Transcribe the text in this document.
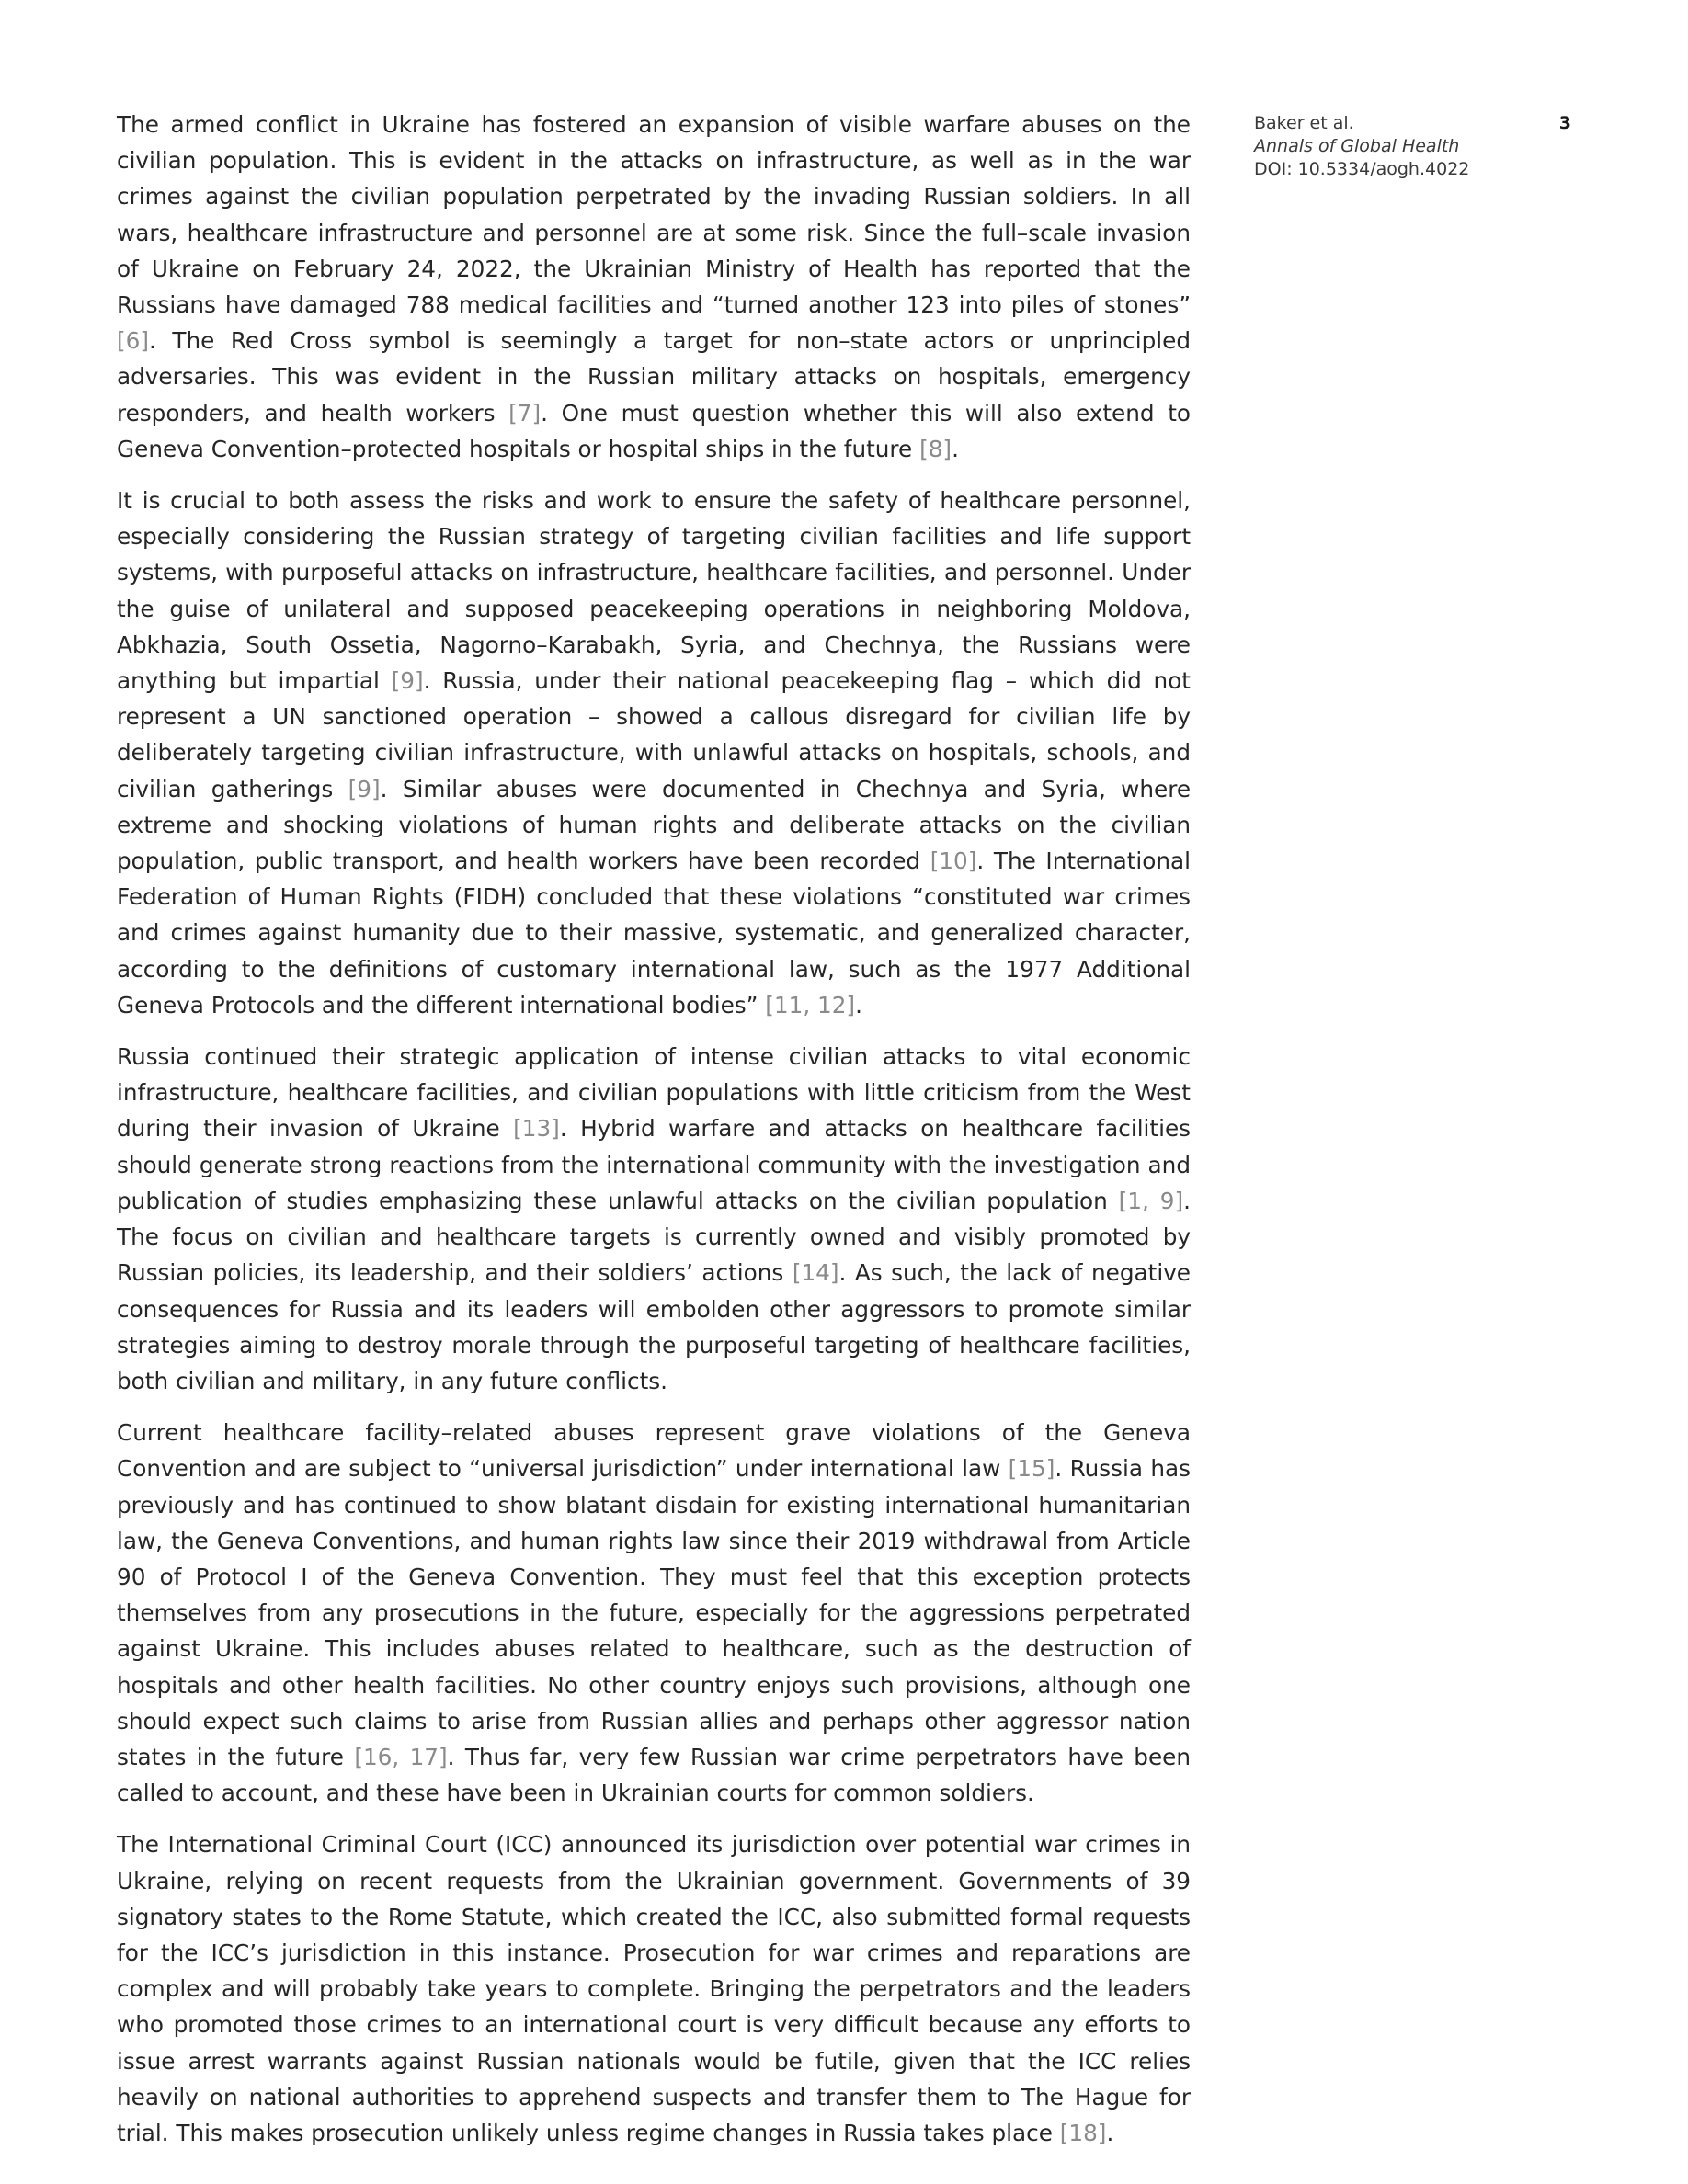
Baker et al.
Annals of Global Health
DOI: 10.5334/aogh.4022
3

The armed conflict in Ukraine has fostered an expansion of visible warfare abuses on the civilian population. This is evident in the attacks on infrastructure, as well as in the war crimes against the civilian population perpetrated by the invading Russian soldiers. In all wars, healthcare infrastructure and personnel are at some risk. Since the full–scale invasion of Ukraine on February 24, 2022, the Ukrainian Ministry of Health has reported that the Russians have damaged 788 medical facilities and “turned another 123 into piles of stones” [6]. The Red Cross symbol is seemingly a target for non–state actors or unprincipled adversaries. This was evident in the Russian military attacks on hospitals, emergency responders, and health workers [7]. One must question whether this will also extend to Geneva Convention–protected hospitals or hospital ships in the future [8].

It is crucial to both assess the risks and work to ensure the safety of healthcare personnel, especially considering the Russian strategy of targeting civilian facilities and life support systems, with purposeful attacks on infrastructure, healthcare facilities, and personnel. Under the guise of unilateral and supposed peacekeeping operations in neighboring Moldova, Abkhazia, South Ossetia, Nagorno–Karabakh, Syria, and Chechnya, the Russians were anything but impartial [9]. Russia, under their national peacekeeping flag – which did not represent a UN sanctioned operation – showed a callous disregard for civilian life by deliberately targeting civilian infrastructure, with unlawful attacks on hospitals, schools, and civilian gatherings [9]. Similar abuses were documented in Chechnya and Syria, where extreme and shocking violations of human rights and deliberate attacks on the civilian population, public transport, and health workers have been recorded [10]. The International Federation of Human Rights (FIDH) concluded that these violations “constituted war crimes and crimes against humanity due to their massive, systematic, and generalized character, according to the definitions of customary international law, such as the 1977 Additional Geneva Protocols and the different international bodies” [11, 12].

Russia continued their strategic application of intense civilian attacks to vital economic infrastructure, healthcare facilities, and civilian populations with little criticism from the West during their invasion of Ukraine [13]. Hybrid warfare and attacks on healthcare facilities should generate strong reactions from the international community with the investigation and publication of studies emphasizing these unlawful attacks on the civilian population [1, 9]. The focus on civilian and healthcare targets is currently owned and visibly promoted by Russian policies, its leadership, and their soldiers’ actions [14]. As such, the lack of negative consequences for Russia and its leaders will embolden other aggressors to promote similar strategies aiming to destroy morale through the purposeful targeting of healthcare facilities, both civilian and military, in any future conflicts.

Current healthcare facility–related abuses represent grave violations of the Geneva Convention and are subject to “universal jurisdiction” under international law [15]. Russia has previously and has continued to show blatant disdain for existing international humanitarian law, the Geneva Conventions, and human rights law since their 2019 withdrawal from Article 90 of Protocol I of the Geneva Convention. They must feel that this exception protects themselves from any prosecutions in the future, especially for the aggressions perpetrated against Ukraine. This includes abuses related to healthcare, such as the destruction of hospitals and other health facilities. No other country enjoys such provisions, although one should expect such claims to arise from Russian allies and perhaps other aggressor nation states in the future [16, 17]. Thus far, very few Russian war crime perpetrators have been called to account, and these have been in Ukrainian courts for common soldiers.

The International Criminal Court (ICC) announced its jurisdiction over potential war crimes in Ukraine, relying on recent requests from the Ukrainian government. Governments of 39 signatory states to the Rome Statute, which created the ICC, also submitted formal requests for the ICC’s jurisdiction in this instance. Prosecution for war crimes and reparations are complex and will probably take years to complete. Bringing the perpetrators and the leaders who promoted those crimes to an international court is very difficult because any efforts to issue arrest warrants against Russian nationals would be futile, given that the ICC relies heavily on national authorities to apprehend suspects and transfer them to The Hague for trial. This makes prosecution unlikely unless regime changes in Russia takes place [18].
